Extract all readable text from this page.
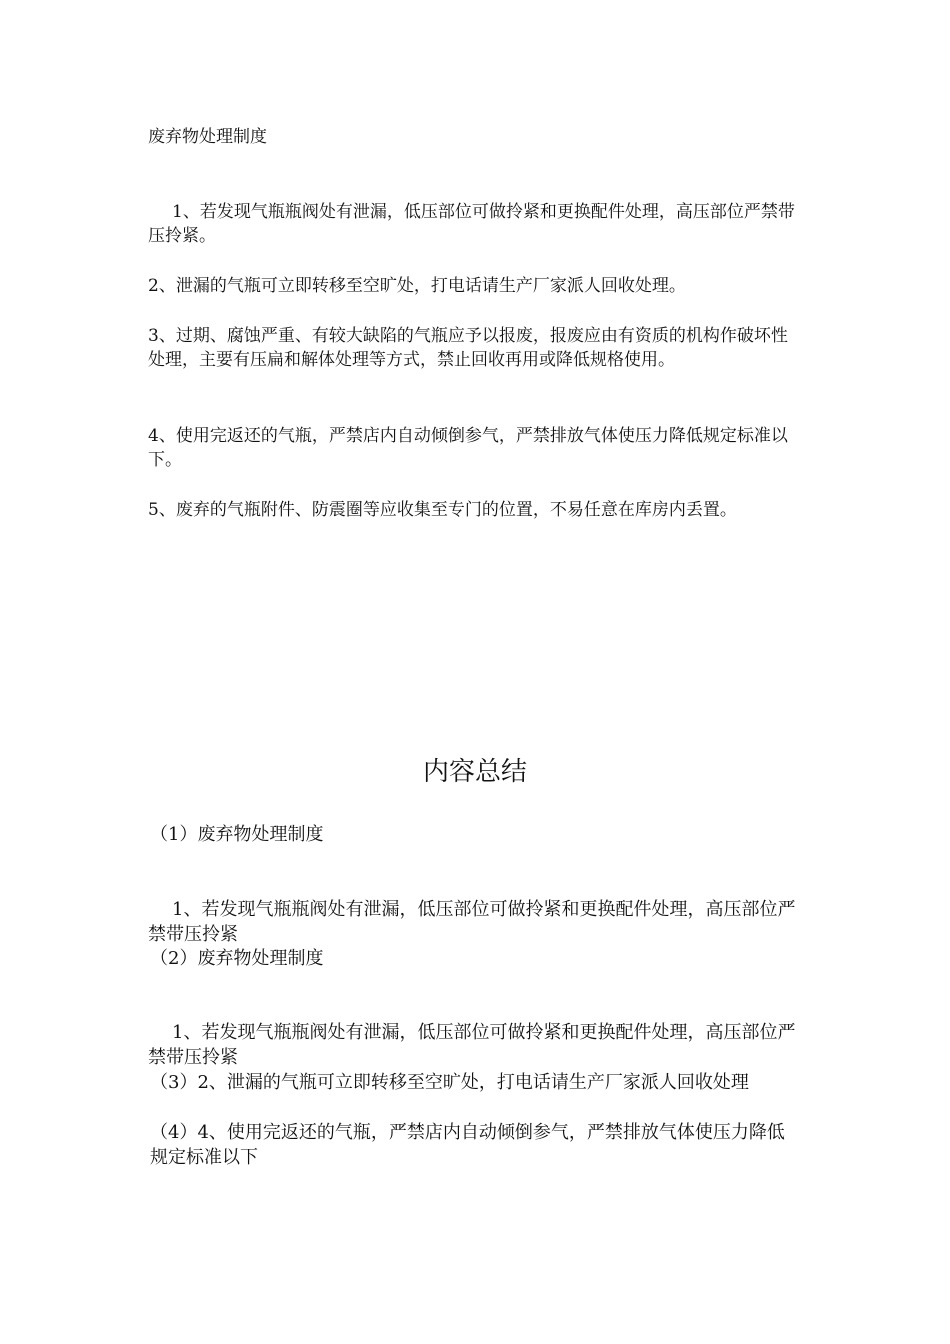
废弃物处理制度

1、若发现气瓶瓶阀处有泄漏，低压部位可做拎紧和更换配件处理，高压部位严禁带压拎紧。

2、泄漏的气瓶可立即转移至空旷处，打电话请生产厂家派人回收处理。

3、过期、腐蚀严重、有较大缺陷的气瓶应予以报废，报废应由有资质的机构作破坏性处理，主要有压扁和解体处理等方式，禁止回收再用或降低规格使用。

4、使用完返还的气瓶，严禁店内自动倾倒参气，严禁排放气体使压力降低规定标准以下。

5、废弃的气瓶附件、防震圈等应收集至专门的位置，不易任意在库房内丢置。

内容总结

（1）废弃物处理制度

1、若发现气瓶瓶阀处有泄漏，低压部位可做拎紧和更换配件处理，高压部位严禁带压拎紧

（2）废弃物处理制度

1、若发现气瓶瓶阀处有泄漏，低压部位可做拎紧和更换配件处理，高压部位严禁带压拎紧

（3）2、泄漏的气瓶可立即转移至空旷处，打电话请生产厂家派人回收处理

（4）4、使用完返还的气瓶，严禁店内自动倾倒参气，严禁排放气体使压力降低规定标准以下
